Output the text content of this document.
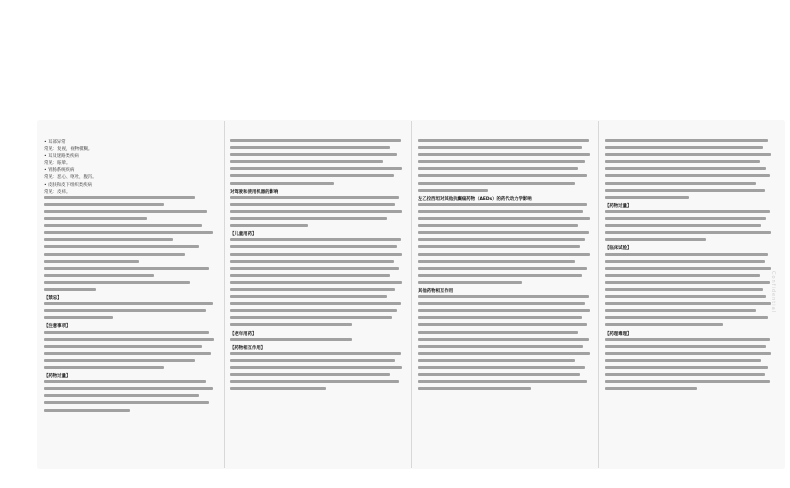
• 耳部异常

常见：复视，视物模糊。

• 耳及迷路类疾病

常见：眩晕。

• 胃肠系统疾病

常见：恶心、呕吐，腹泻。

• 皮肤和皮下组织类疾病

常见：皮疹。

【禁忌】

【注意事项】

【药物过量】

对驾驶和使用机器的影响

【儿童用药】

【老年用药】

【药物相互作用】

左乙拉西坦对其他抗癫痫药物（AEDs）的药代动力学影响

其他药物相互作用

【药物过量】

【临床试验】

【药理毒理】

Confidential
